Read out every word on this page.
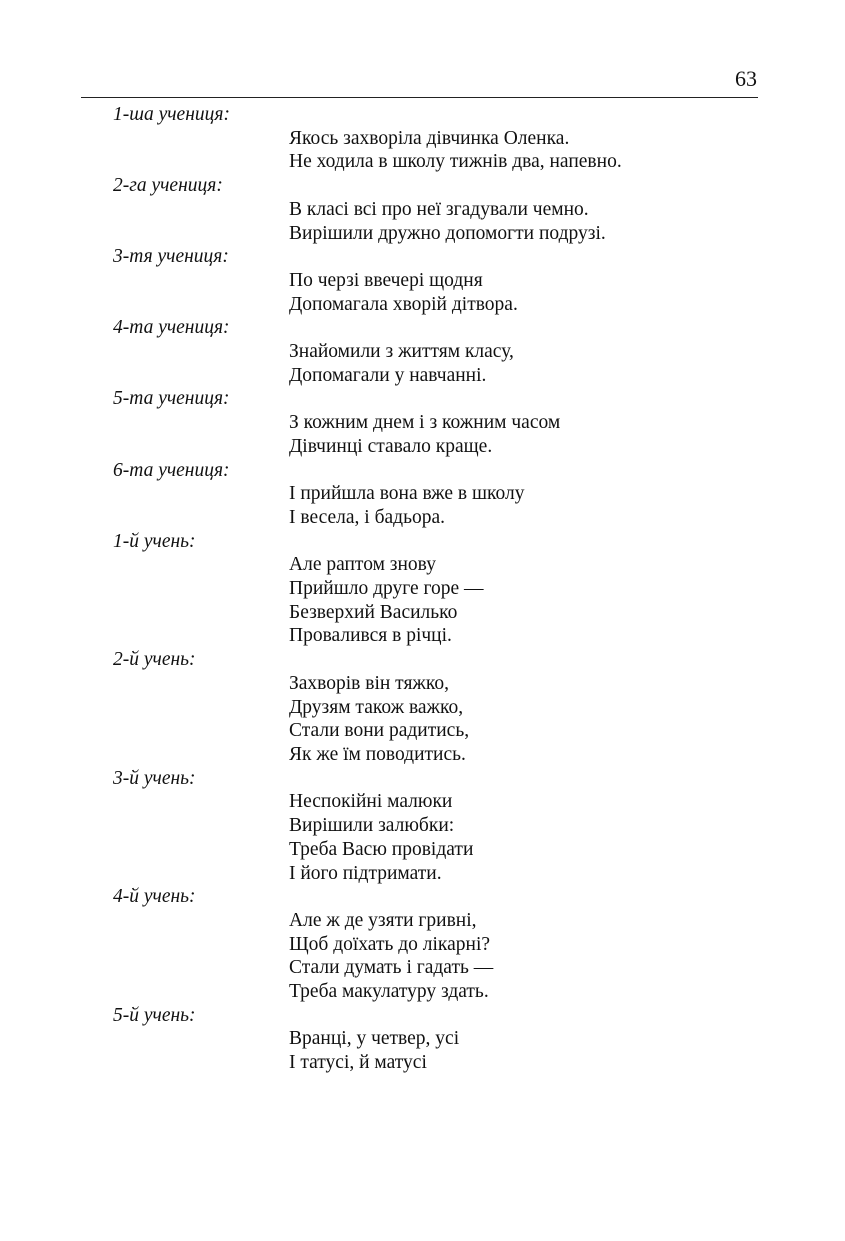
63
1-ша учениця:
Якось захворіла дівчинка Оленка.
Не ходила в школу тижнів два, напевно.
2-га учениця:
В класі всі про неї згадували чемно.
Вирішили дружно допомогти подрузі.
3-тя учениця:
По черзі ввечері щодня
Допомагала хворій дітвора.
4-та учениця:
Знайомили з життям класу,
Допомагали у навчанні.
5-та учениця:
З кожним днем і з кожним часом
Дівчинці ставало краще.
6-та учениця:
І прийшла вона вже в школу
І весела, і бадьора.
1-й учень:
Але раптом знову
Прийшло друге горе —
Безверхий Василько
Провалився в річці.
2-й учень:
Захворів він тяжко,
Друзям також важко,
Стали вони радитись,
Як же їм поводитись.
3-й учень:
Неспокійні малюки
Вирішили залюбки:
Треба Васю провідати
І його підтримати.
4-й учень:
Але ж де узяти гривні,
Щоб доїхать до лікарні?
Стали думать і гадать —
Треба макулатуру здать.
5-й учень:
Вранці, у четвер, усі
І татусі, й матусі
